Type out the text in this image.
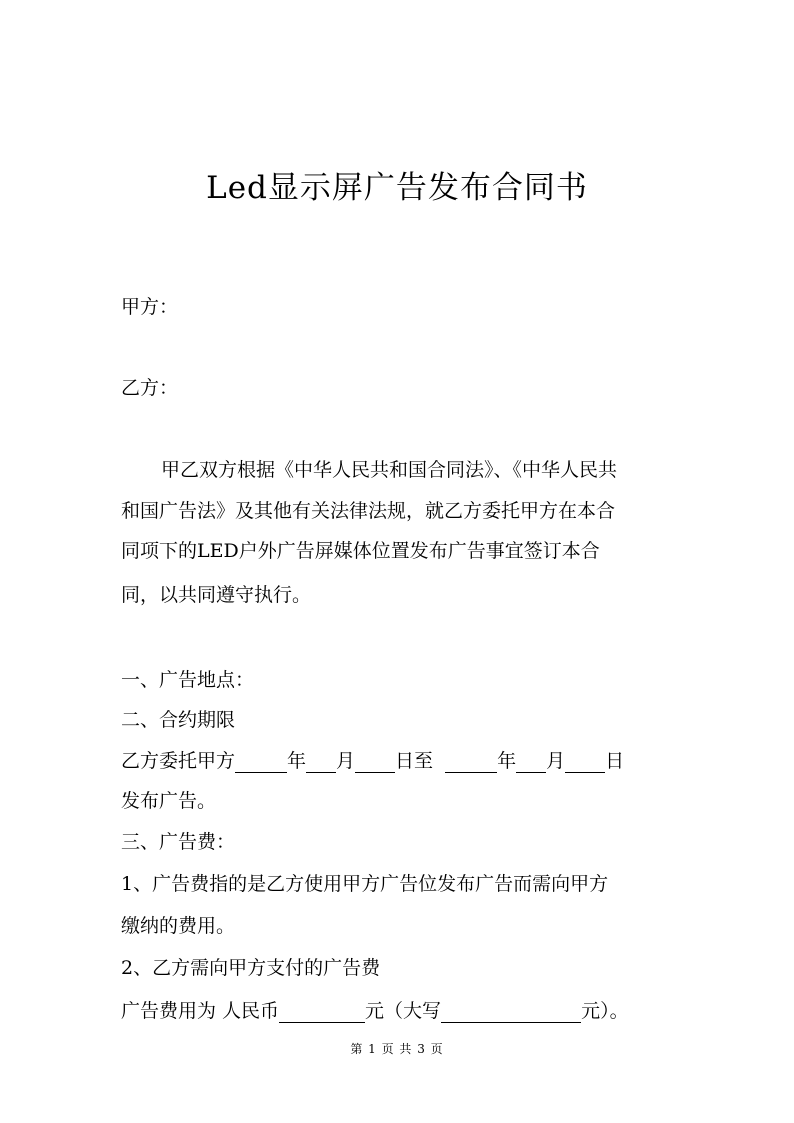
Led显示屏广告发布合同书
甲方：
乙方：
甲乙双方根据《中华人民共和国合同法》、《中华人民共
和国广告法》及其他有关法律法规，就乙方委托甲方在本合
同项下的LED户外广告屏媒体位置发布广告事宜签订本合
同，以共同遵守执行。
一、广告地点：
二、合约期限
乙方委托甲方	年 月 日至	年 月 日
发布广告。
三、广告费：
1、广告费指的是乙方使用甲方广告位发布广告而需向甲方
缴纳的费用。
2、乙方需向甲方支付的广告费
广告费用为 人民币	元（大写	元）。
第 1 页 共 3 页
